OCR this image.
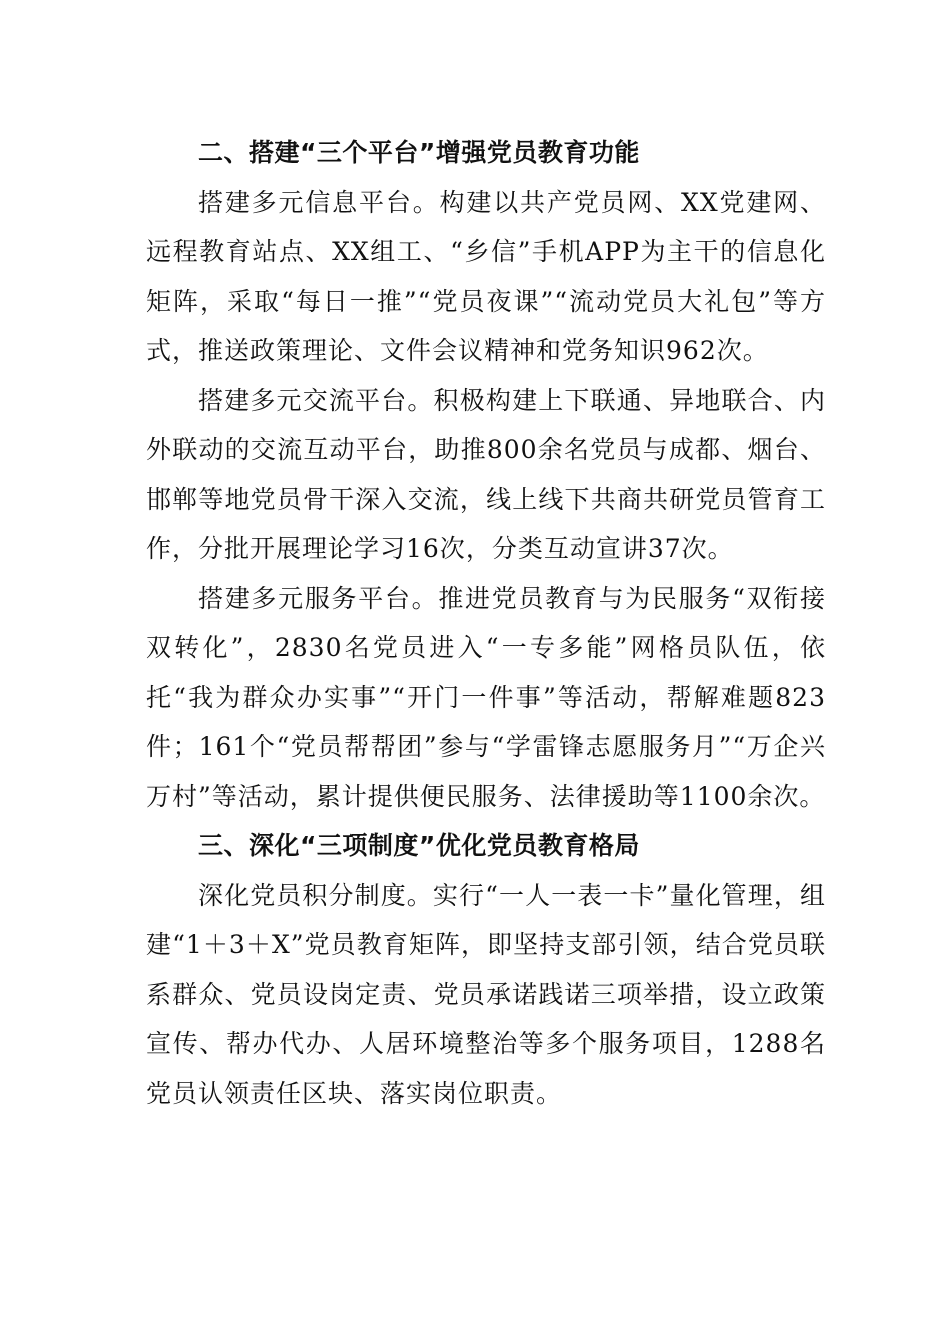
二、搭建“三个平台”增强党员教育功能

搭建多元信息平台。构建以共产党员网、XX党建网、远程教育站点、XX组工、“乡信”手机APP为主干的信息化矩阵，采取“每日一推”“党员夜课”“流动党员大礼包”等方式，推送政策理论、文件会议精神和党务知识962次。

搭建多元交流平台。积极构建上下联通、异地联合、内外联动的交流互动平台，助推800余名党员与成都、烟台、邯郸等地党员骨干深入交流，线上线下共商共研党员管育工作，分批开展理论学习16次，分类互动宣讲37次。

搭建多元服务平台。推进党员教育与为民服务“双衔接双转化”，2830名党员进入“一专多能”网格员队伍，依托“我为群众办实事”“开门一件事”等活动，帮解难题823件；161个“党员帮帮团”参与“学雷锋志愿服务月”“万企兴万村”等活动，累计提供便民服务、法律援助等1100余次。

三、深化“三项制度”优化党员教育格局

深化党员积分制度。实行“一人一表一卡”量化管理，组建“1＋3＋X”党员教育矩阵，即坚持支部引领，结合党员联系群众、党员设岗定责、党员承诺践诺三项举措，设立政策宣传、帮办代办、人居环境整治等多个服务项目，1288名党员认领责任区块、落实岗位职责。
